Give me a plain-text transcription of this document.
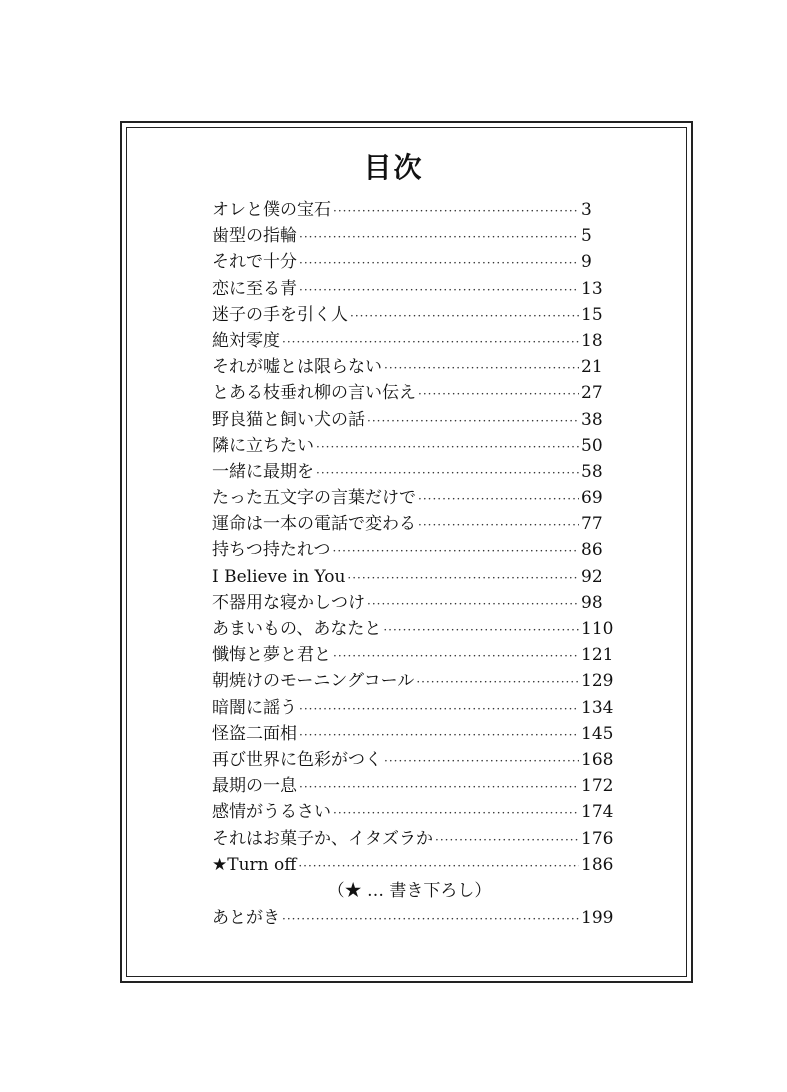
目次
オレと僕の宝石 ·····	3
歯型の指輪 ·····	5
それで十分 ·····	9
恋に至る青 ·····	13
迷子の手を引く人 ·····	15
絶対零度 ·····	18
それが嘘とは限らない ·····	21
とある枝垂れ柳の言い伝え ·····	27
野良猫と飼い犬の話 ·····	38
隣に立ちたい ·····	50
一緒に最期を ·····	58
たった五文字の言葉だけで ·····	69
運命は一本の電話で変わる ·····	77
持ちつ持たれつ ·····	86
I Believe in You ·····	92
不器用な寝かしつけ ·····	98
あまいもの、あなたと ·····	110
懺悔と夢と君と ·····	121
朝焼けのモーニングコール ·····	129
暗闇に謡う ·····	134
怪盗二面相 ·····	145
再び世界に色彩がつく ·····	168
最期の一息 ·····	172
感情がうるさい ·····	174
それはお菓子か、イタズラか ·····	176
★Turn off ·····	186
（★ … 書き下ろし）
あとがき ·····	199
